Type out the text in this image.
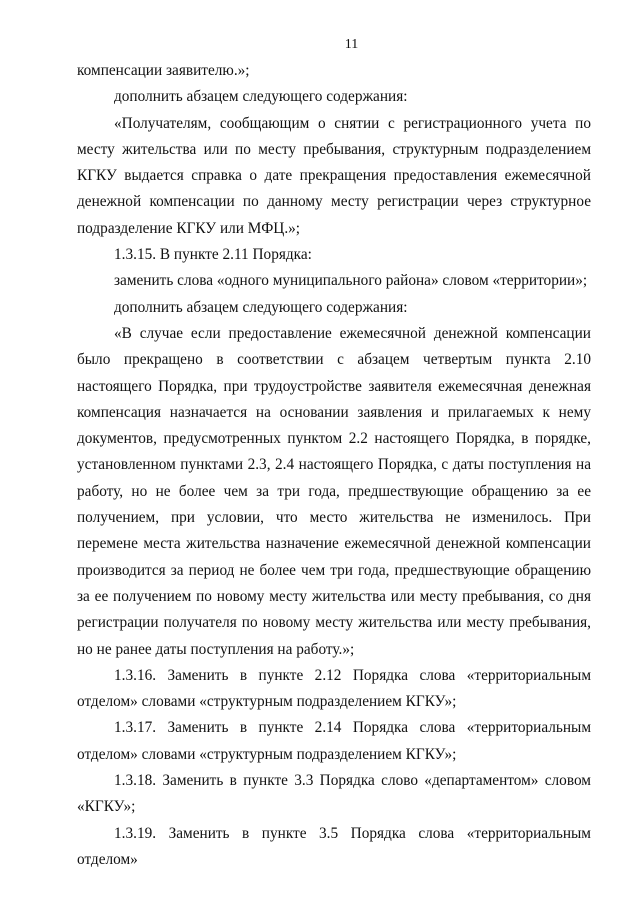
11

компенсации заявителю.»;

дополнить абзацем следующего содержания:

«Получателям, сообщающим о снятии с регистрационного учета по месту жительства или по месту пребывания, структурным подразделением КГКУ выдается справка о дате прекращения предоставления ежемесячной денежной компенсации по данному месту регистрации через структурное подразделение КГКУ или МФЦ.»;

1.3.15. В пункте 2.11 Порядка:

заменить слова «одного муниципального района» словом «территории»;

дополнить абзацем следующего содержания:

«В случае если предоставление ежемесячной денежной компенсации было прекращено в соответствии с абзацем четвертым пункта 2.10 настоящего Порядка, при трудоустройстве заявителя ежемесячная денежная компенсация назначается на основании заявления и прилагаемых к нему документов, предусмотренных пунктом 2.2 настоящего Порядка, в порядке, установленном пунктами 2.3, 2.4 настоящего Порядка, с даты поступления на работу, но не более чем за три года, предшествующие обращению за ее получением, при условии, что место жительства не изменилось. При перемене места жительства назначение ежемесячной денежной компенсации производится за период не более чем три года, предшествующие обращению за ее получением по новому месту жительства или месту пребывания, со дня регистрации получателя по новому месту жительства или месту пребывания, но не ранее даты поступления на работу.»;

1.3.16. Заменить в пункте 2.12 Порядка слова «территориальным отделом» словами «структурным подразделением КГКУ»;

1.3.17. Заменить в пункте 2.14 Порядка слова «территориальным отделом» словами «структурным подразделением КГКУ»;

1.3.18. Заменить в пункте 3.3 Порядка слово «департаментом» словом «КГКУ»;

1.3.19. Заменить в пункте 3.5 Порядка слова «территориальным отделом»
